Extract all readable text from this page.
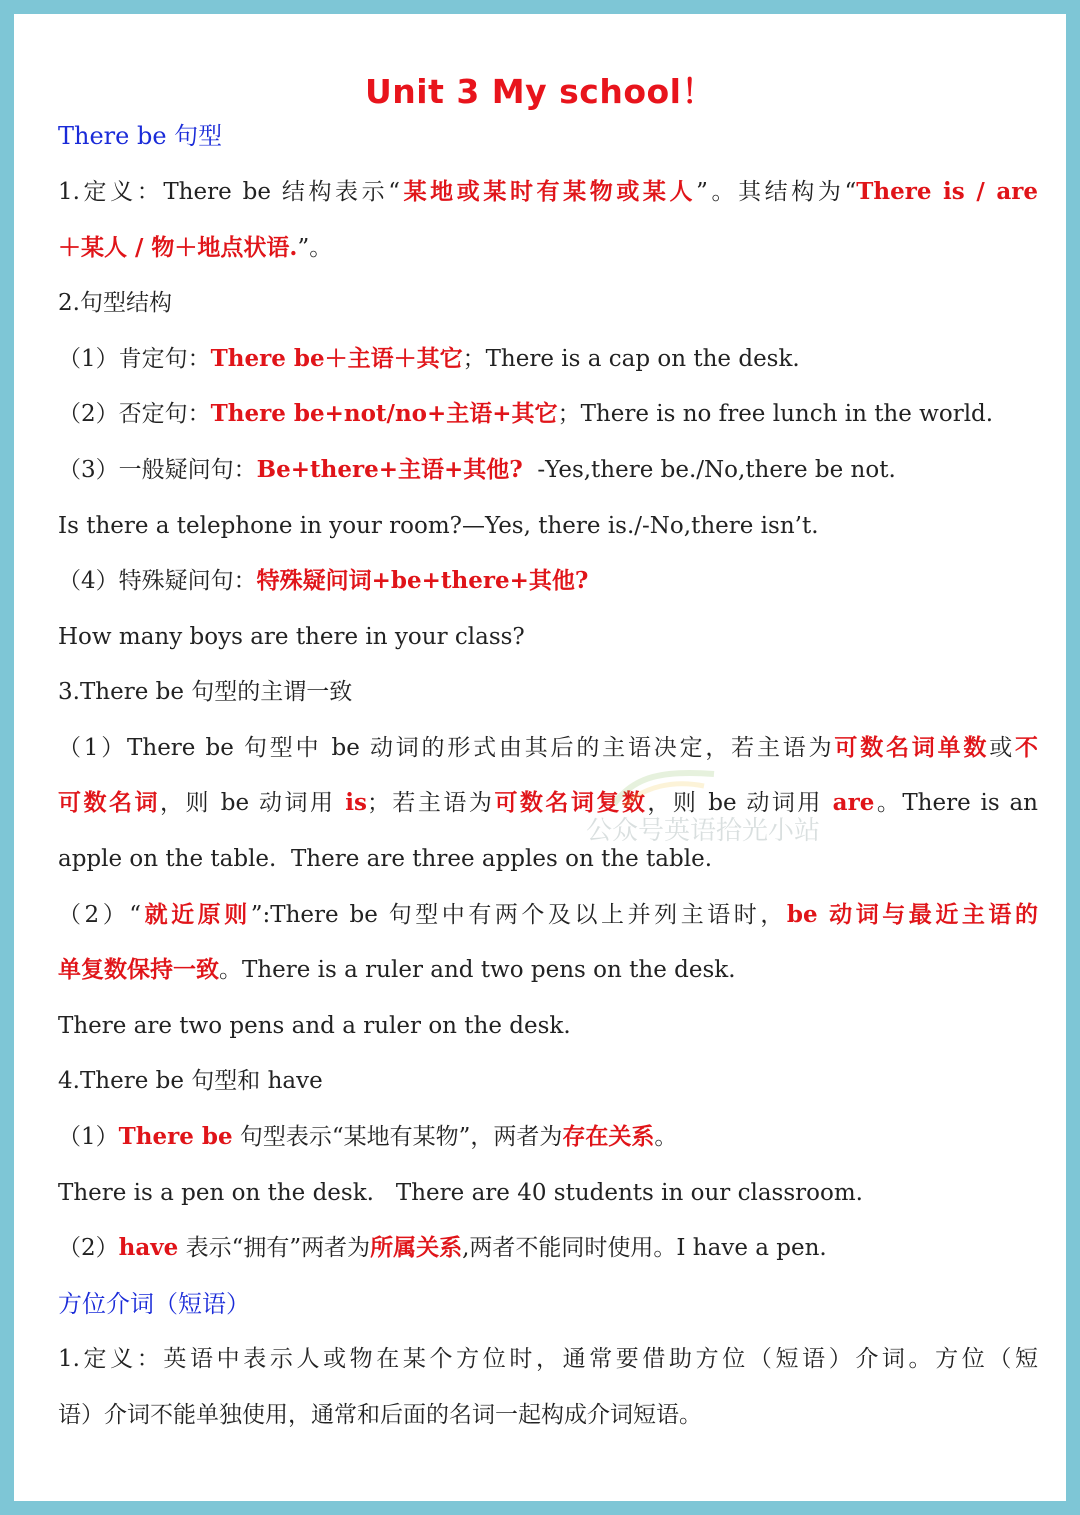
Unit 3 My school！
There be 句型
1.定义：There be 结构表示“某地或某时有某物或某人”。其结构为“There is / are
＋某人 / 物＋地点状语.”。
2.句型结构
（1）肯定句：There be＋主语＋其它；There is a cap on the desk.
（2）否定句：There be+not/no+主语+其它；There is no free lunch in the world.
（3）一般疑问句：Be+there+主语+其他?  -Yes,there be./No,there be not.
Is there a telephone in your room?—Yes, there is./-No,there isn’t.
（4）特殊疑问句：特殊疑问词+be+there+其他?
How many boys are there in your class?
3.There be 句型的主谓一致
（1）There be 句型中 be 动词的形式由其后的主语决定，若主语为可数名词单数或不
可数名词，则 be 动词用 is；若主语为可数名词复数，则 be 动词用 are。There is an
apple on the table.  There are three apples on the table.
（2）“就近原则”:There be 句型中有两个及以上并列主语时，be 动词与最近主语的
单复数保持一致。There is a ruler and two pens on the desk.
There are two pens and a ruler on the desk.
4.There be 句型和 have
（1）There be 句型表示“某地有某物”，两者为存在关系。
There is a pen on the desk.   There are 40 students in our classroom.
（2）have 表示“拥有”两者为所属关系,两者不能同时使用。I have a pen.
方位介词（短语）
1.定义：英语中表示人或物在某个方位时，通常要借助方位（短语）介词。方位（短
语）介词不能单独使用，通常和后面的名词一起构成介词短语。
公众号英语拾光小站
